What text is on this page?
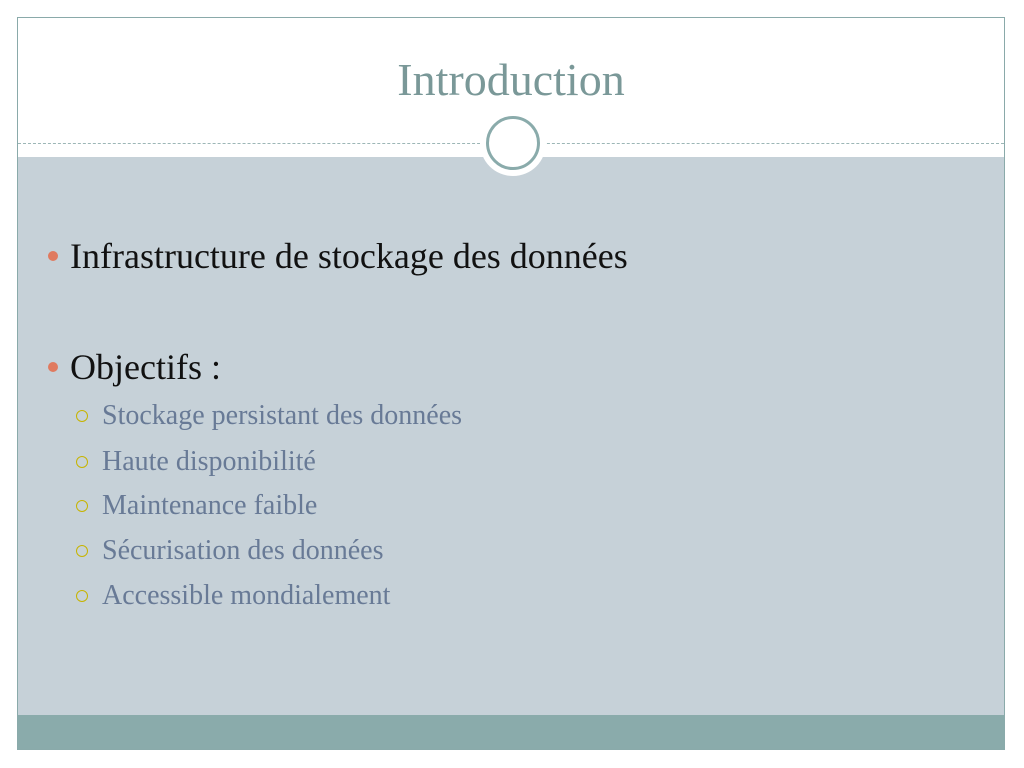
Introduction
Infrastructure de stockage des données
Objectifs :
Stockage persistant des données
Haute disponibilité
Maintenance faible
Sécurisation des données
Accessible mondialement
